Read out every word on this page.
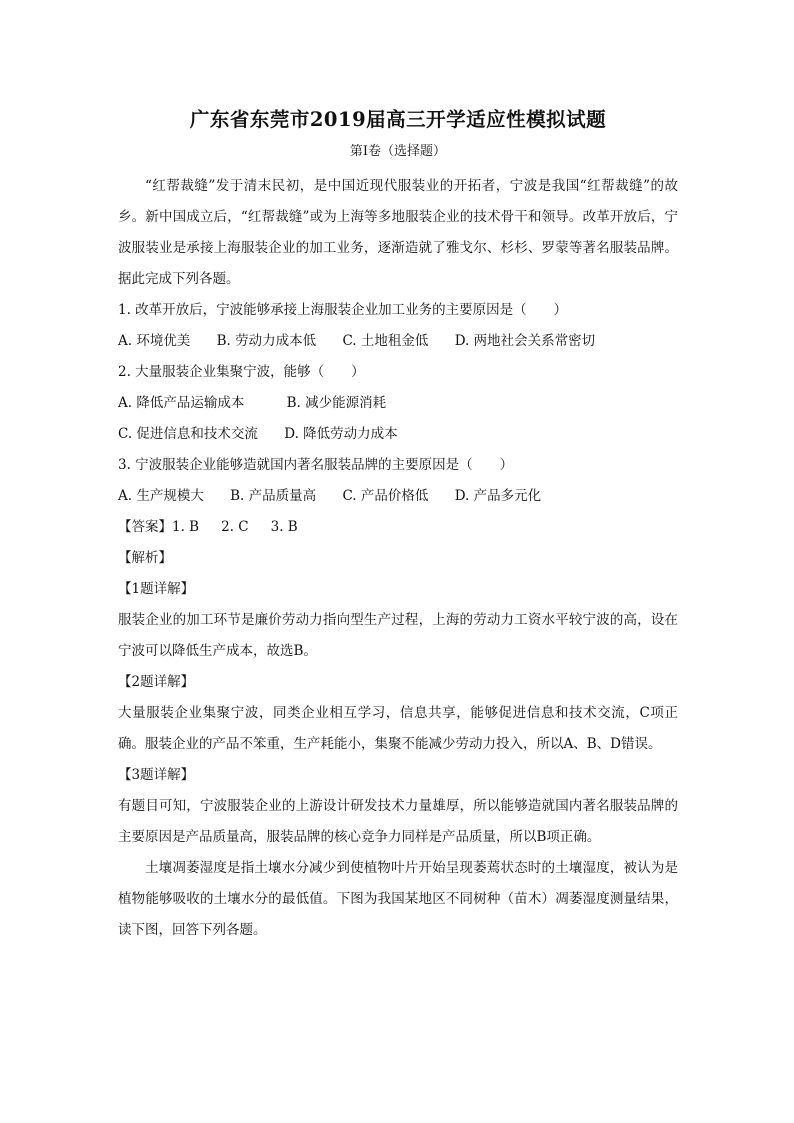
广东省东莞市2019届高三开学适应性模拟试题
第Ⅰ卷（选择题）

“红帮裁缝”发于清末民初，是中国近现代服装业的开拓者，宁波是我国“红帮裁缝”的故乡。新中国成立后，“红帮裁缝”或为上海等多地服装企业的技术骨干和领导。改革开放后，宁波服装业是承接上海服装企业的加工业务，逐渐造就了雅戈尔、杉杉、罗蒙等著名服装品牌。据此完成下列各题。

1. 改革开放后，宁波能够承接上海服装企业加工业务的主要原因是（　　）

A. 环境优美 B. 劳动力成本低 C. 土地租金低 D. 两地社会关系常密切

2. 大量服装企业集聚宁波，能够（　　）

A. 降低产品运输成本	B. 减少能源消耗

C. 促进信息和技术交流 D. 降低劳动力成本

3. 宁波服装企业能够造就国内著名服装品牌的主要原因是（　　）

A. 生产规模大 B. 产品质量高 C. 产品价格低 D. 产品多元化

【答案】1. B 2. C 3. B

【解析】

【1题详解】

服装企业的加工环节是廉价劳动力指向型生产过程，上海的劳动力工资水平较宁波的高，设在宁波可以降低生产成本，故选B。

【2题详解】

大量服装企业集聚宁波，同类企业相互学习，信息共享，能够促进信息和技术交流，C项正确。服装企业的产品不笨重，生产耗能小，集聚不能减少劳动力投入，所以A、B、D错误。

【3题详解】

有题目可知，宁波服装企业的上游设计研发技术力量雄厚，所以能够造就国内著名服装品牌的主要原因是产品质量高，服装品牌的核心竞争力同样是产品质量，所以B项正确。

土壤凋萎湿度是指土壤水分减少到使植物叶片开始呈现萎蔫状态时的土壤湿度，被认为是植物能够吸收的土壤水分的最低值。下图为我国某地区不同树种（苗木）凋萎湿度测量结果，读下图，回答下列各题。
